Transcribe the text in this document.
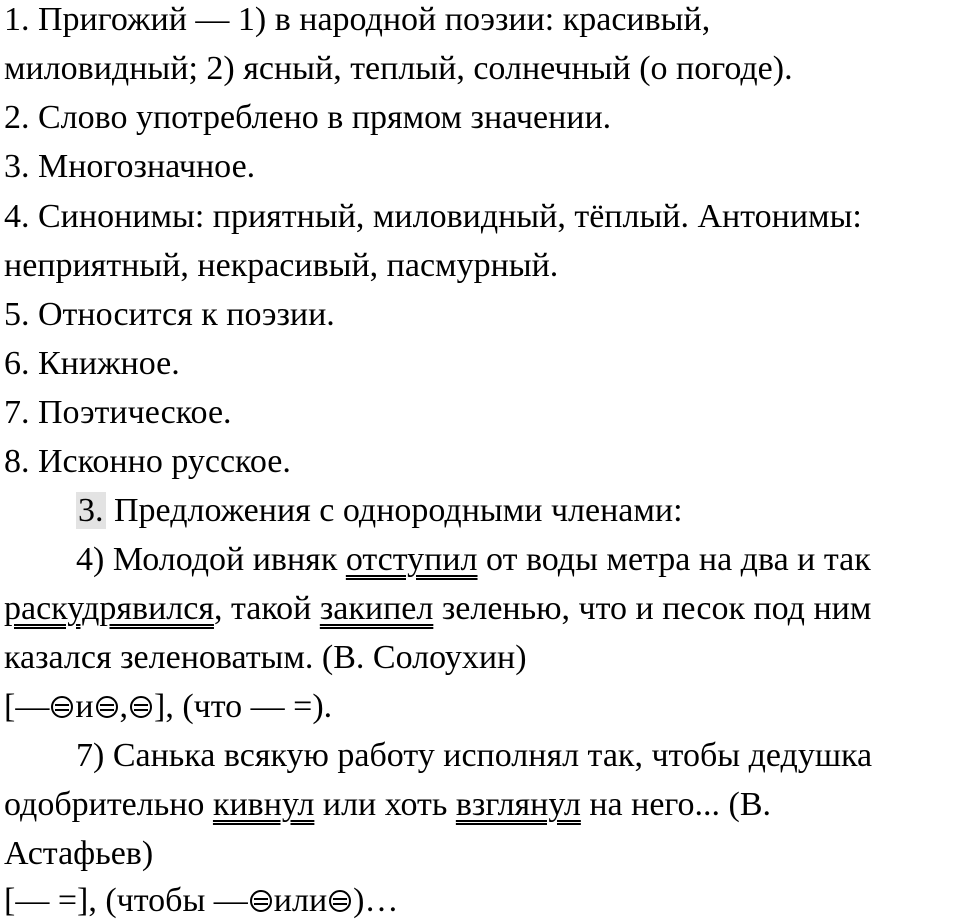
1. Пригожий — 1) в народной поэзии: красивый,
миловидный; 2) ясный, теплый, солнечный (о погоде).
2. Слово употреблено в прямом значении.
3. Многозначное.
4. Синонимы: приятный, миловидный, тёплый. Антонимы:
неприятный, некрасивый, пасмурный.
5. Относится к поэзии.
6. Книжное.
7. Поэтическое.
8. Исконно русское.
3. Предложения с однородными членами:
4) Молодой ивняк отступил от воды метра на два и так
раскудрявился, такой закипел зеленью, что и песок под ним
казался зеленоватым. (В. Солоухин)
[— и , ], (что — =).
7) Санька всякую работу исполнял так, чтобы дедушка
одобрительно кивнул или хоть взглянул на него... (В.
Астафьев)
[— =], (чтобы — или )…
